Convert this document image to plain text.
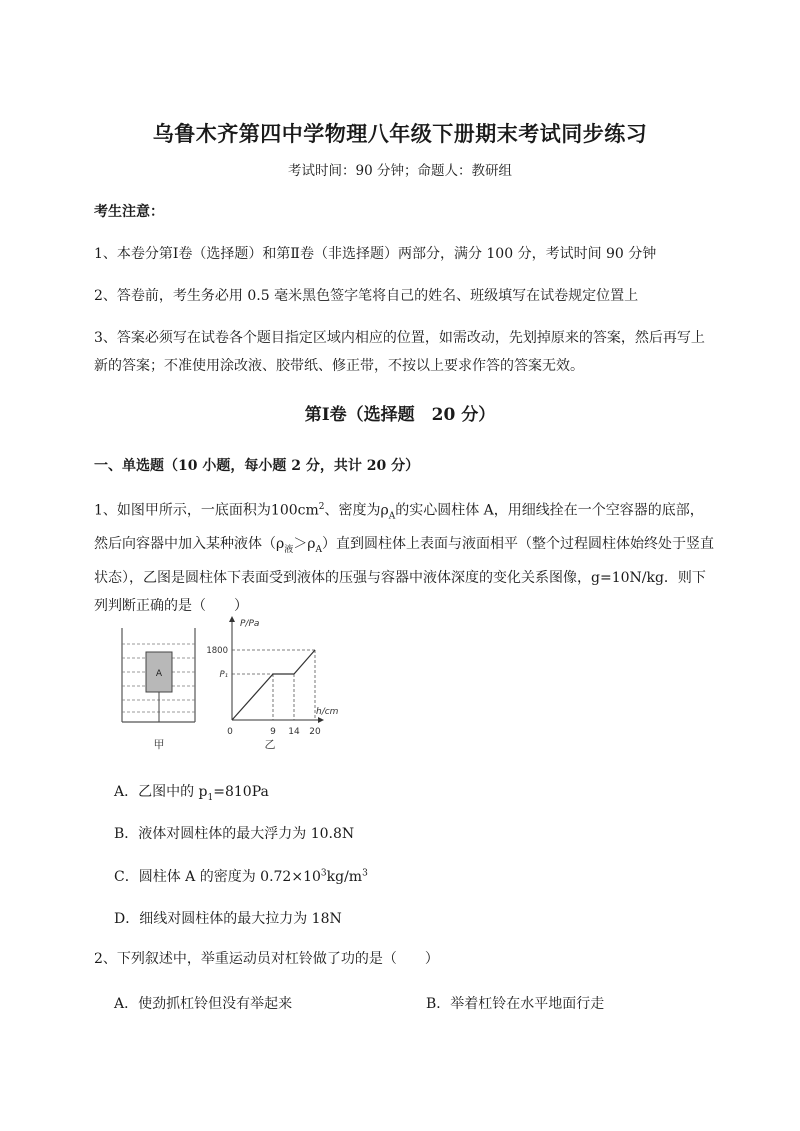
乌鲁木齐第四中学物理八年级下册期末考试同步练习
考试时间：90 分钟；命题人：教研组
考生注意：
1、本卷分第Ⅰ卷（选择题）和第Ⅱ卷（非选择题）两部分，满分 100 分，考试时间 90 分钟
2、答卷前，考生务必用 0.5 毫米黑色签字笔将自己的姓名、班级填写在试卷规定位置上
3、答案必须写在试卷各个题目指定区域内相应的位置，如需改动，先划掉原来的答案，然后再写上新的答案；不准使用涂改液、胶带纸、修正带，不按以上要求作答的答案无效。
第Ⅰ卷（选择题　20 分）
一、单选题（10 小题，每小题 2 分，共计 20 分）
1、如图甲所示，一底面积为$100cm^2$、密度为$\rho_A$的实心圆柱体 A，用细线拴在一个空容器的底部，然后向容器中加入某种液体$(\rho_液>\rho_A)$直到圆柱体上表面与液面相平（整个过程圆柱体始终处于竖直状态），乙图是圆柱体下表面受到液体的压强与容器中液体深度的变化关系图像，g=10N/kg．则下列判断正确的是（　　）
A
甲
P/Pa
h/cm
1800
P₁
0	9 14 20
乙
A．乙图中的 $p_1=810Pa$
B．液体对圆柱体的最大浮力为 10.8N
C．圆柱体 A 的密度为 $0.72\times 10^3kg/m^3$
D．细线对圆柱体的最大拉力为 18N
2、下列叙述中，举重运动员对杠铃做了功的是（　　）
A．使劲抓杠铃但没有举起来	B．举着杠铃在水平地面行走
